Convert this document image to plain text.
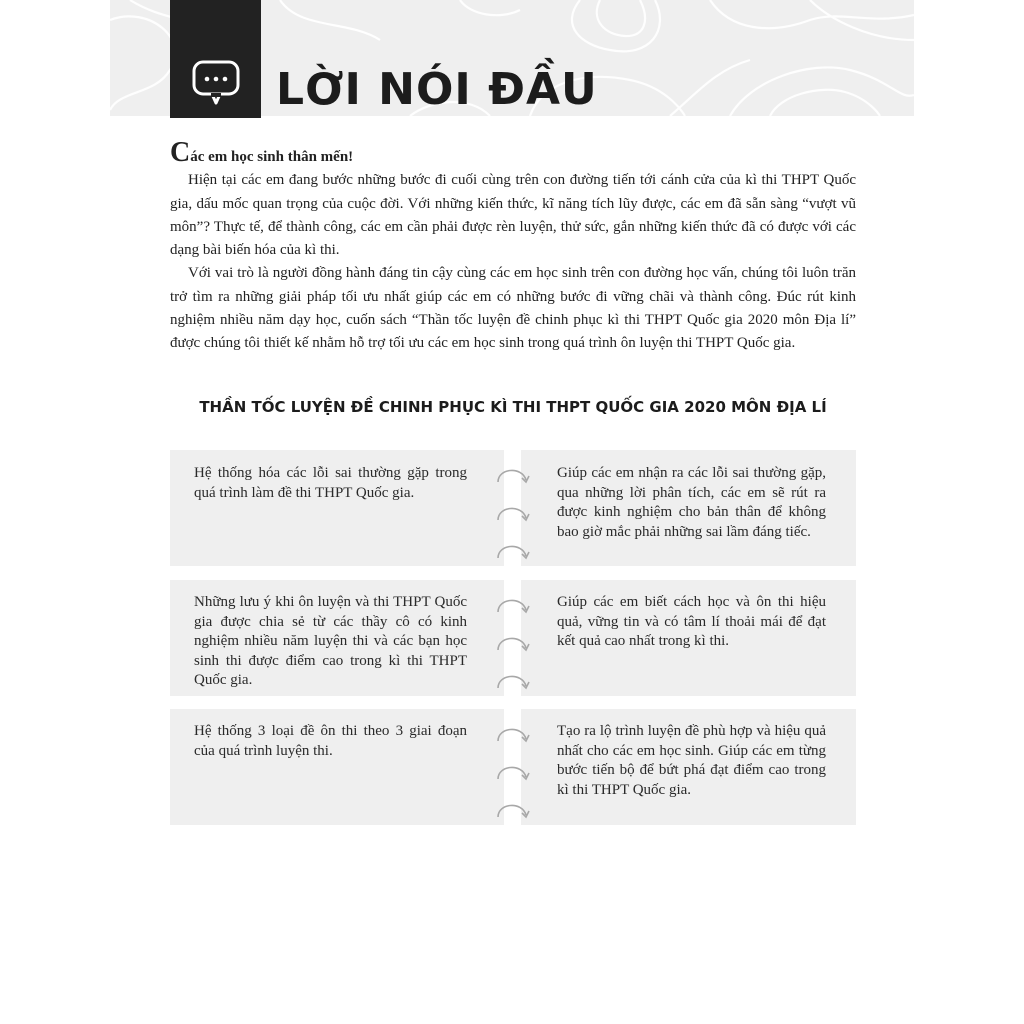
LỜI NÓI ĐẦU

Các em học sinh thân mến!

Hiện tại các em đang bước những bước đi cuối cùng trên con đường tiến tới cánh cửa của kì thi THPT Quốc gia, dấu mốc quan trọng của cuộc đời. Với những kiến thức, kĩ năng tích lũy được, các em đã sẵn sàng “vượt vũ môn”? Thực tế, để thành công, các em cần phải được rèn luyện, thử sức, gắn những kiến thức đã có được với các dạng bài biến hóa của kì thi.

Với vai trò là người đồng hành đáng tin cậy cùng các em học sinh trên con đường học vấn, chúng tôi luôn trăn trở tìm ra những giải pháp tối ưu nhất giúp các em có những bước đi vững chãi và thành công. Đúc rút kinh nghiệm nhiều năm dạy học, cuốn sách “Thần tốc luyện đề chinh phục kì thi THPT Quốc gia 2020 môn Địa lí” được chúng tôi thiết kế nhằm hỗ trợ tối ưu các em học sinh trong quá trình ôn luyện thi THPT Quốc gia.

THẦN TỐC LUYỆN ĐỀ CHINH PHỤC KÌ THI THPT QUỐC GIA 2020 MÔN ĐỊA LÍ
Hệ thống hóa các lỗi sai thường gặp trong quá trình làm đề thi THPT Quốc gia.
Giúp các em nhận ra các lỗi sai thường gặp, qua những lời phân tích, các em sẽ rút ra được kinh nghiệm cho bản thân để không bao giờ mắc phải những sai lầm đáng tiếc.
Những lưu ý khi ôn luyện và thi THPT Quốc gia được chia sẻ từ các thầy cô có kinh nghiệm nhiều năm luyện thi và các bạn học sinh thi được điểm cao trong kì thi THPT Quốc gia.
Giúp các em biết cách học và ôn thi hiệu quả, vững tin và có tâm lí thoải mái để đạt kết quả cao nhất trong kì thi.
Hệ thống 3 loại đề ôn thi theo 3 giai đoạn của quá trình luyện thi.
Tạo ra lộ trình luyện đề phù hợp và hiệu quả nhất cho các em học sinh. Giúp các em từng bước tiến bộ để bứt phá đạt điểm cao trong kì thi THPT Quốc gia.
